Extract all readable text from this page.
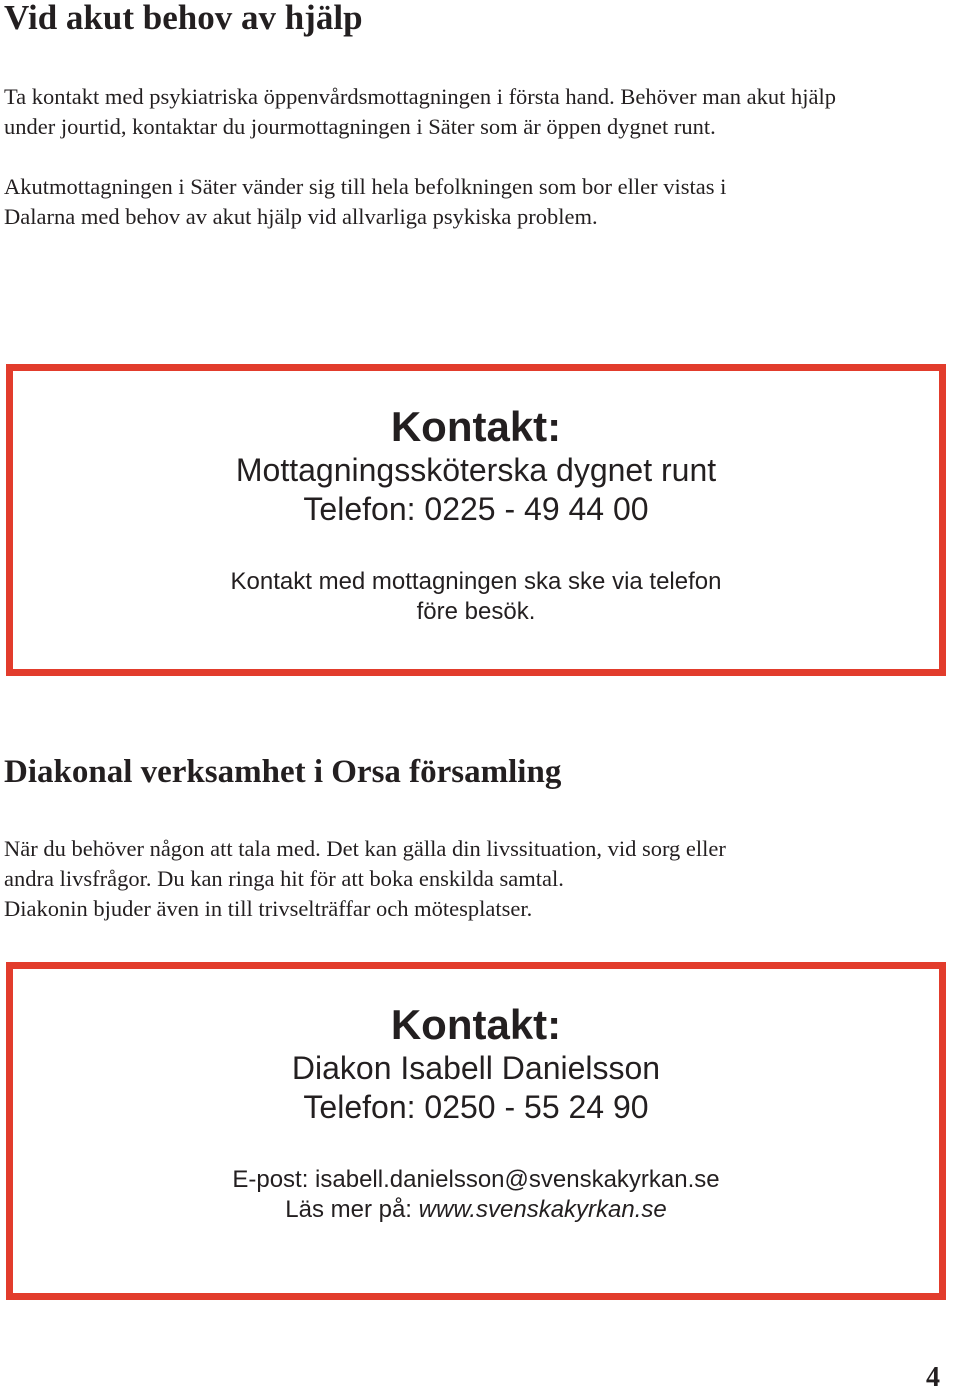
Vid akut behov av hjälp

Ta kontakt med psykiatriska öppenvårdsmottagningen i första hand. Behöver man akut hjälp

under jourtid, kontaktar du jourmottagningen i Säter som är öppen dygnet runt.

Akutmottagningen i Säter vänder sig till hela befolkningen som bor eller vistas i

Dalarna med behov av akut hjälp vid allvarliga psykiska problem.

Kontakt:

Mottagningssköterska dygnet runt

Telefon: 0225 - 49 44 00

Kontakt med mottagningen ska ske via telefon

före besök.

Diakonal verksamhet i Orsa församling

När du behöver någon att tala med. Det kan gälla din livssituation, vid sorg eller

andra livsfrågor. Du kan ringa hit för att boka enskilda samtal.

Diakonin bjuder även in till trivselträffar och mötesplatser.

Kontakt:

Diakon Isabell Danielsson

Telefon: 0250 - 55 24 90

E-post: isabell.danielsson@svenskakyrkan.se

Läs mer på: www.svenskakyrkan.se

4
